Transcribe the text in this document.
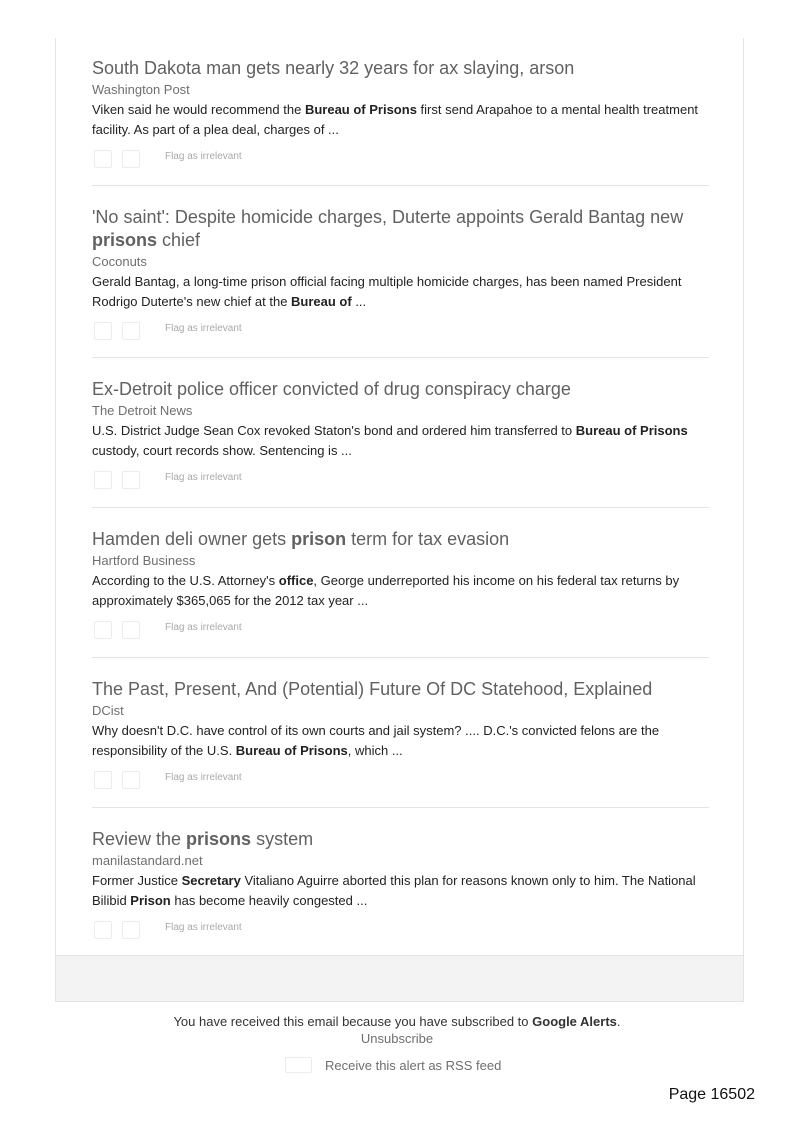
South Dakota man gets nearly 32 years for ax slaying, arson
Washington Post
Viken said he would recommend the Bureau of Prisons first send Arapahoe to a mental health treatment facility. As part of a plea deal, charges of ...
Flag as irrelevant
'No saint': Despite homicide charges, Duterte appoints Gerald Bantag new prisons chief
Coconuts
Gerald Bantag, a long-time prison official facing multiple homicide charges, has been named President Rodrigo Duterte's new chief at the Bureau of ...
Flag as irrelevant
Ex-Detroit police officer convicted of drug conspiracy charge
The Detroit News
U.S. District Judge Sean Cox revoked Staton's bond and ordered him transferred to Bureau of Prisons custody, court records show. Sentencing is ...
Flag as irrelevant
Hamden deli owner gets prison term for tax evasion
Hartford Business
According to the U.S. Attorney's office, George underreported his income on his federal tax returns by approximately $365,065 for the 2012 tax year ...
Flag as irrelevant
The Past, Present, And (Potential) Future Of DC Statehood, Explained
DCist
Why doesn't D.C. have control of its own courts and jail system? .... D.C.'s convicted felons are the responsibility of the U.S. Bureau of Prisons, which ...
Flag as irrelevant
Review the prisons system
manilastandard.net
Former Justice Secretary Vitaliano Aguirre aborted this plan for reasons known only to him. The National Bilibid Prison has become heavily congested ...
Flag as irrelevant
You have received this email because you have subscribed to Google Alerts.
Unsubscribe
Receive this alert as RSS feed
Page 16502
